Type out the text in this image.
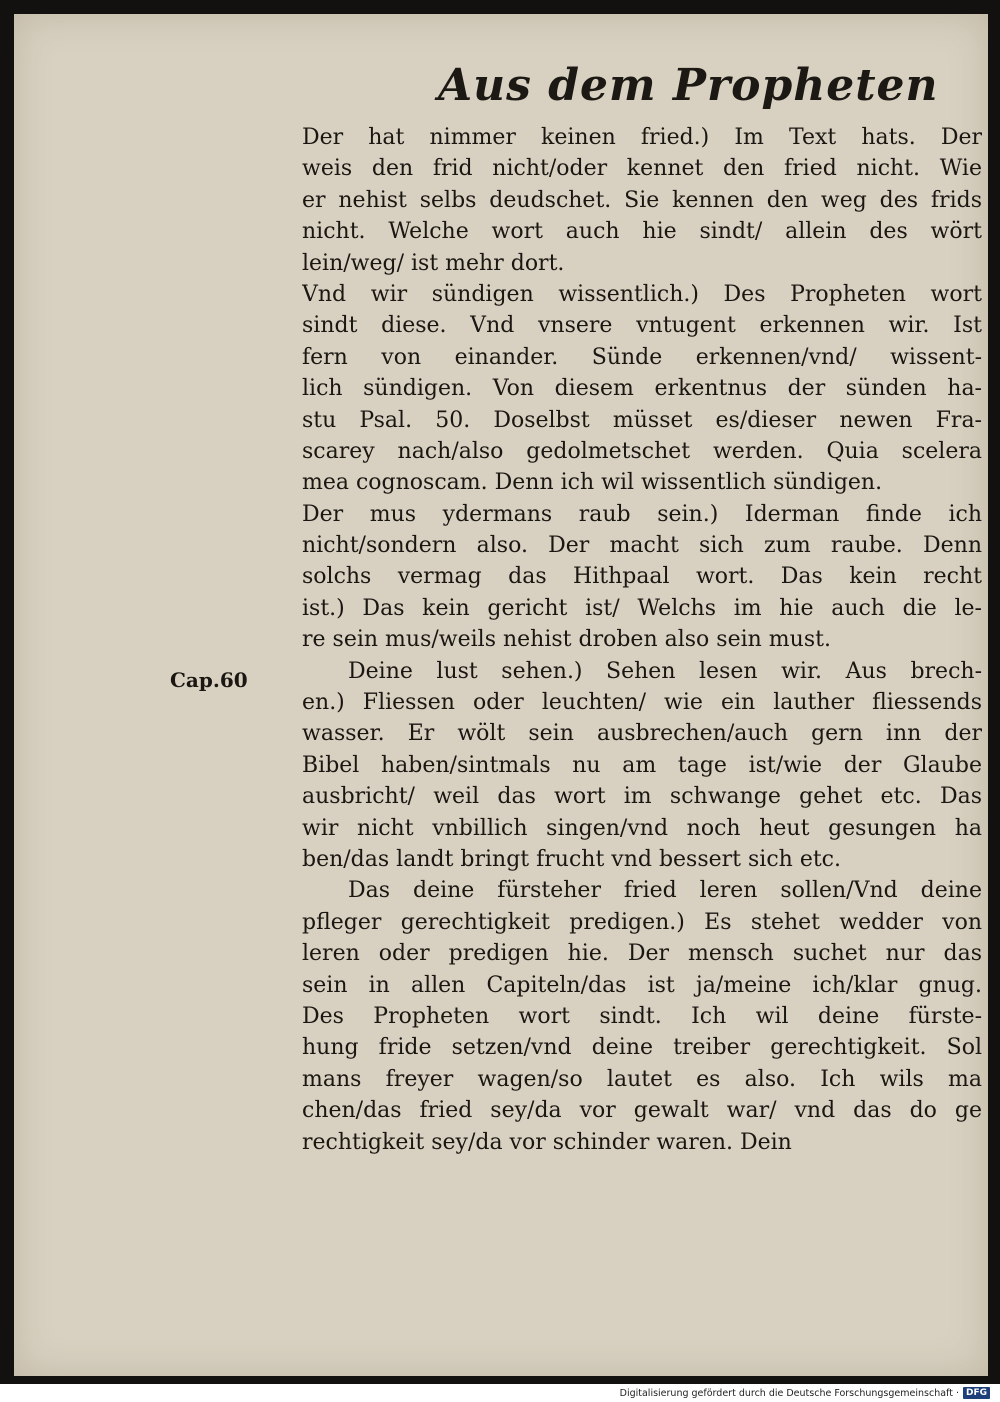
Aus dem Propheten
Cap.60
Der hat nimmer keinen fried.) Im Text hats. Der
weis den frid nicht/oder kennet den fried nicht. Wie
er nehist selbs deudschet. Sie kennen den weg des frids
nicht. Welche wort auch hie sindt/ allein des wört
lein/weg/ ist mehr dort.
Vnd wir sündigen wissentlich.) Des Propheten wort
sindt diese. Vnd vnsere vntugent erkennen wir. Ist
fern von einander. Sünde erkennen/vnd/ wissent-
lich sündigen. Von diesem erkentnus der sünden ha-
stu Psal. 50. Doselbst müsset es/dieser newen Fra-
scarey nach/also gedolmetschet werden. Quia scelera
mea cognoscam. Denn ich wil wissentlich sündigen.
Der mus ydermans raub sein.) Iderman finde ich
nicht/sondern also. Der macht sich zum raube. Denn
solchs vermag das Hithpaal wort. Das kein recht
ist.) Das kein gericht ist/ Welchs im hie auch die le-
re sein mus/weils nehist droben also sein must.
Deine lust sehen.) Sehen lesen wir. Aus brech-
en.) Fliessen oder leuchten/ wie ein lauther fliessends
wasser. Er wölt sein ausbrechen/auch gern inn der
Bibel haben/sintmals nu am tage ist/wie der Glaube
ausbricht/ weil das wort im schwange gehet etc. Das
wir nicht vnbillich singen/vnd noch heut gesungen ha
ben/das landt bringt frucht vnd bessert sich etc.
Das deine fürsteher fried leren sollen/Vnd deine
pfleger gerechtigkeit predigen.) Es stehet wedder von
leren oder predigen hie. Der mensch suchet nur das
sein in allen Capiteln/das ist ja/meine ich/klar gnug.
Des Propheten wort sindt. Ich wil deine fürste-
hung fride setzen/vnd deine treiber gerechtigkeit. Sol
mans freyer wagen/so lautet es also. Ich wils ma
chen/das fried sey/da vor gewalt war/ vnd das do ge
rechtigkeit sey/da vor schinder waren. Dein
Digitalisierung gefördert durch die Deutsche Forschungsgemeinschaft · DFG
